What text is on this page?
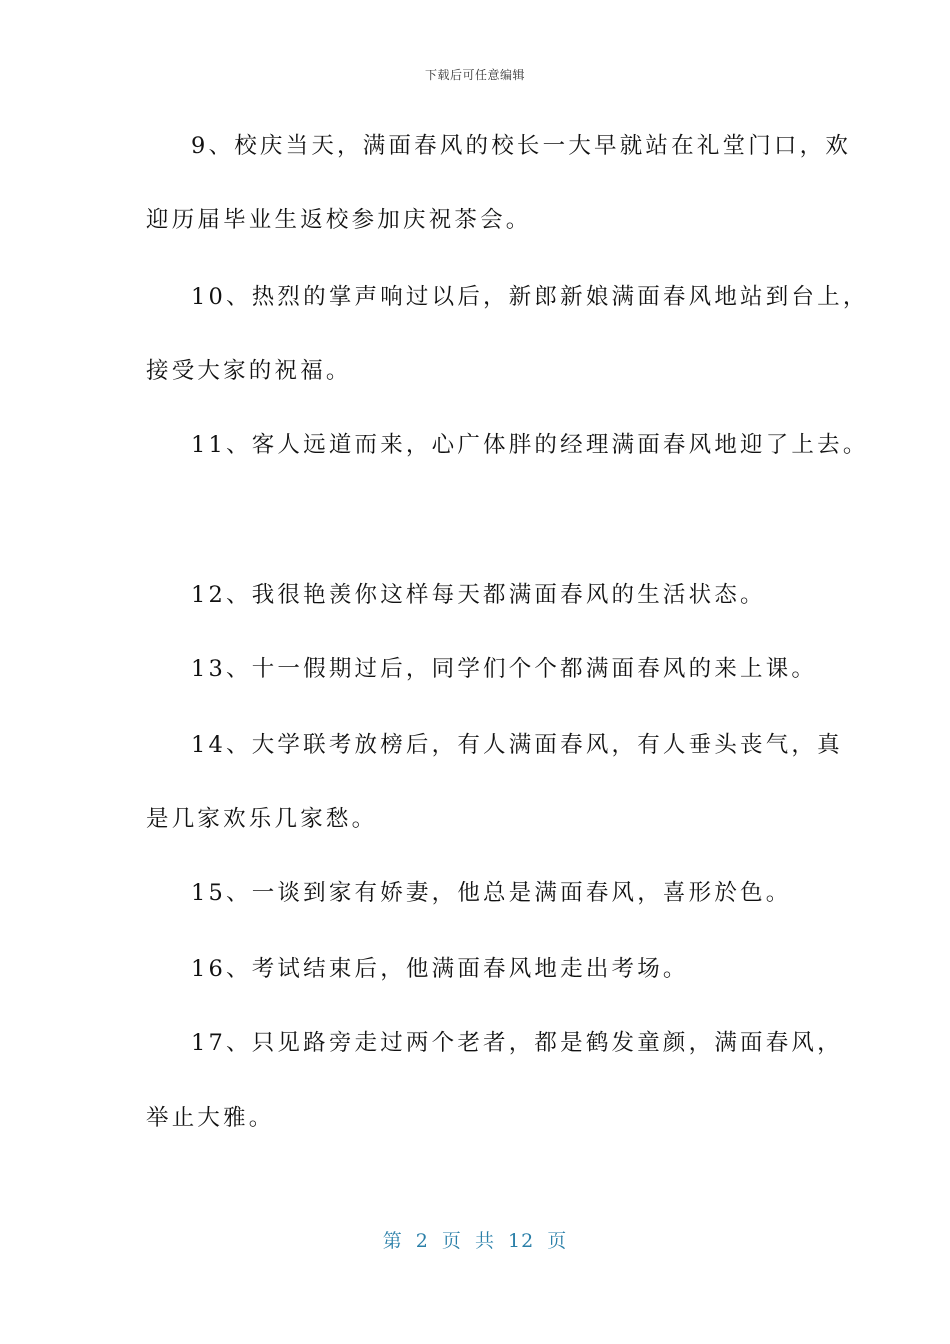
下载后可任意编辑
9、校庆当天，满面春风的校长一大早就站在礼堂门口，欢
迎历届毕业生返校参加庆祝茶会。
10、热烈的掌声响过以后，新郎新娘满面春风地站到台上，
接受大家的祝福。
11、客人远道而来，心广体胖的经理满面春风地迎了上去。
12、我很艳羡你这样每天都满面春风的生活状态。
13、十一假期过后，同学们个个都满面春风的来上课。
14、大学联考放榜后，有人满面春风，有人垂头丧气，真
是几家欢乐几家愁。
15、一谈到家有娇妻，他总是满面春风，喜形於色。
16、考试结束后，他满面春风地走出考场。
17、只见路旁走过两个老者，都是鹤发童颜，满面春风，
举止大雅。
第 2 页 共 12 页
